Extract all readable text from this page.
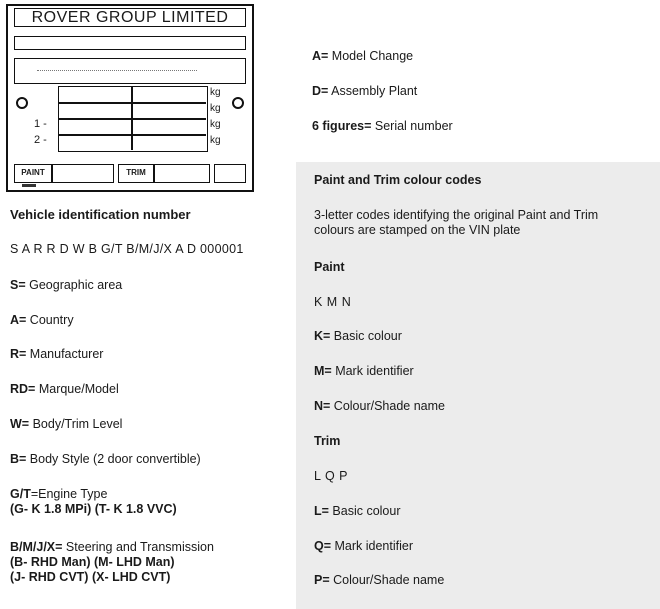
ROVER GROUP LIMITED
kg
kg
kg
kg
1 -
2 -
PAINT	TRIM
Vehicle identification number
S A R R D W B G/T B/M/J/X A D 000001
S= Geographic area
A= Country
R= Manufacturer
RD= Marque/Model
W= Body/Trim Level
B= Body Style (2 door convertible)
G/T=Engine Type
(G- K 1.8 MPi) (T- K 1.8 VVC)
B/M/J/X= Steering and Transmission
(B- RHD Man) (M- LHD Man)
(J- RHD CVT) (X- LHD CVT)
A= Model Change
D= Assembly Plant
6 figures= Serial number
Paint and Trim colour codes
3-letter codes identifying the original Paint and Trim
colours are stamped on the VIN plate
Paint
K M N
K= Basic colour
M= Mark identifier
N= Colour/Shade name
Trim
L Q P
L= Basic colour
Q= Mark identifier
P= Colour/Shade name
